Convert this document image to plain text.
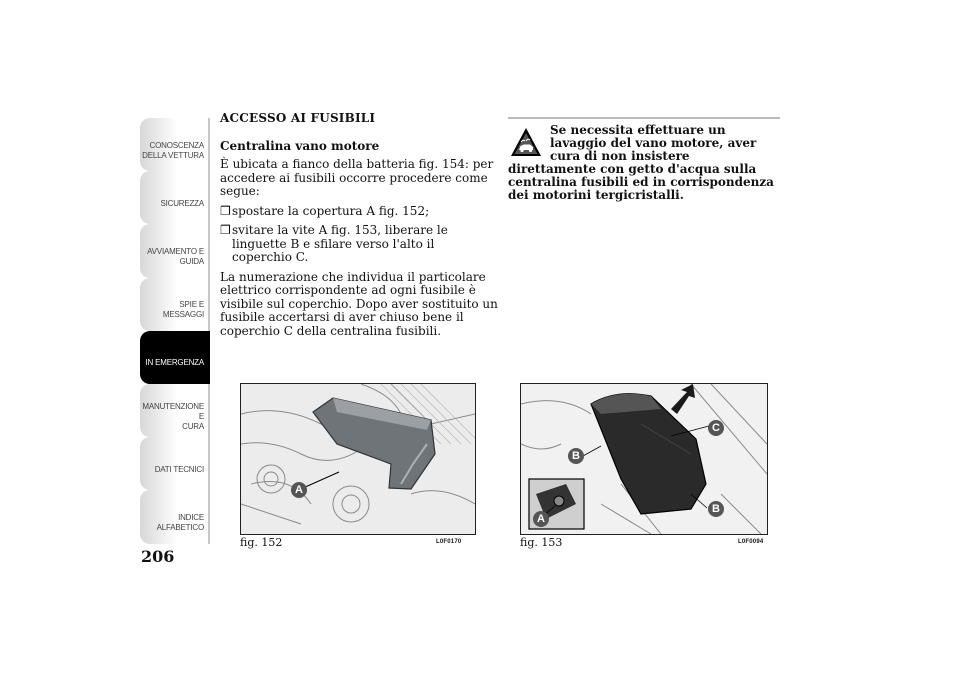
CONOSCENZA
DELLA VETTURA
SICUREZZA
AVVIAMENTO E
GUIDA
SPIE E MESSAGGI
IN EMERGENZA
MANUTENZIONE E
CURA
DATI TECNICI
INDICE
ALFABETICO
206
ACCESSO AI FUSIBILI
Centralina vano motore

È ubicata a fianco della batteria fig. 154: per accedere ai fusibili occorre procedere come segue:

❒ spostare la copertura A fig. 152;
❒ svitare la vite A fig. 153, liberare le linguette B e sfilare verso l'alto il coperchio C.

La numerazione che individua il particolare elettrico corrispondente ad ogni fusibile è visibile sul coperchio. Dopo aver sostituito un fusibile accertarsi di aver chiuso bene il coperchio C della centralina fusibili.

Se necessita effettuare un lavaggio del vano motore, aver cura di non insistere direttamente con getto d'acqua sulla centralina fusibili ed in corrispondenza dei motorini tergicristalli.
A
fig. 152	L0F0170
C
B
A
B
fig. 153	L0F0094
